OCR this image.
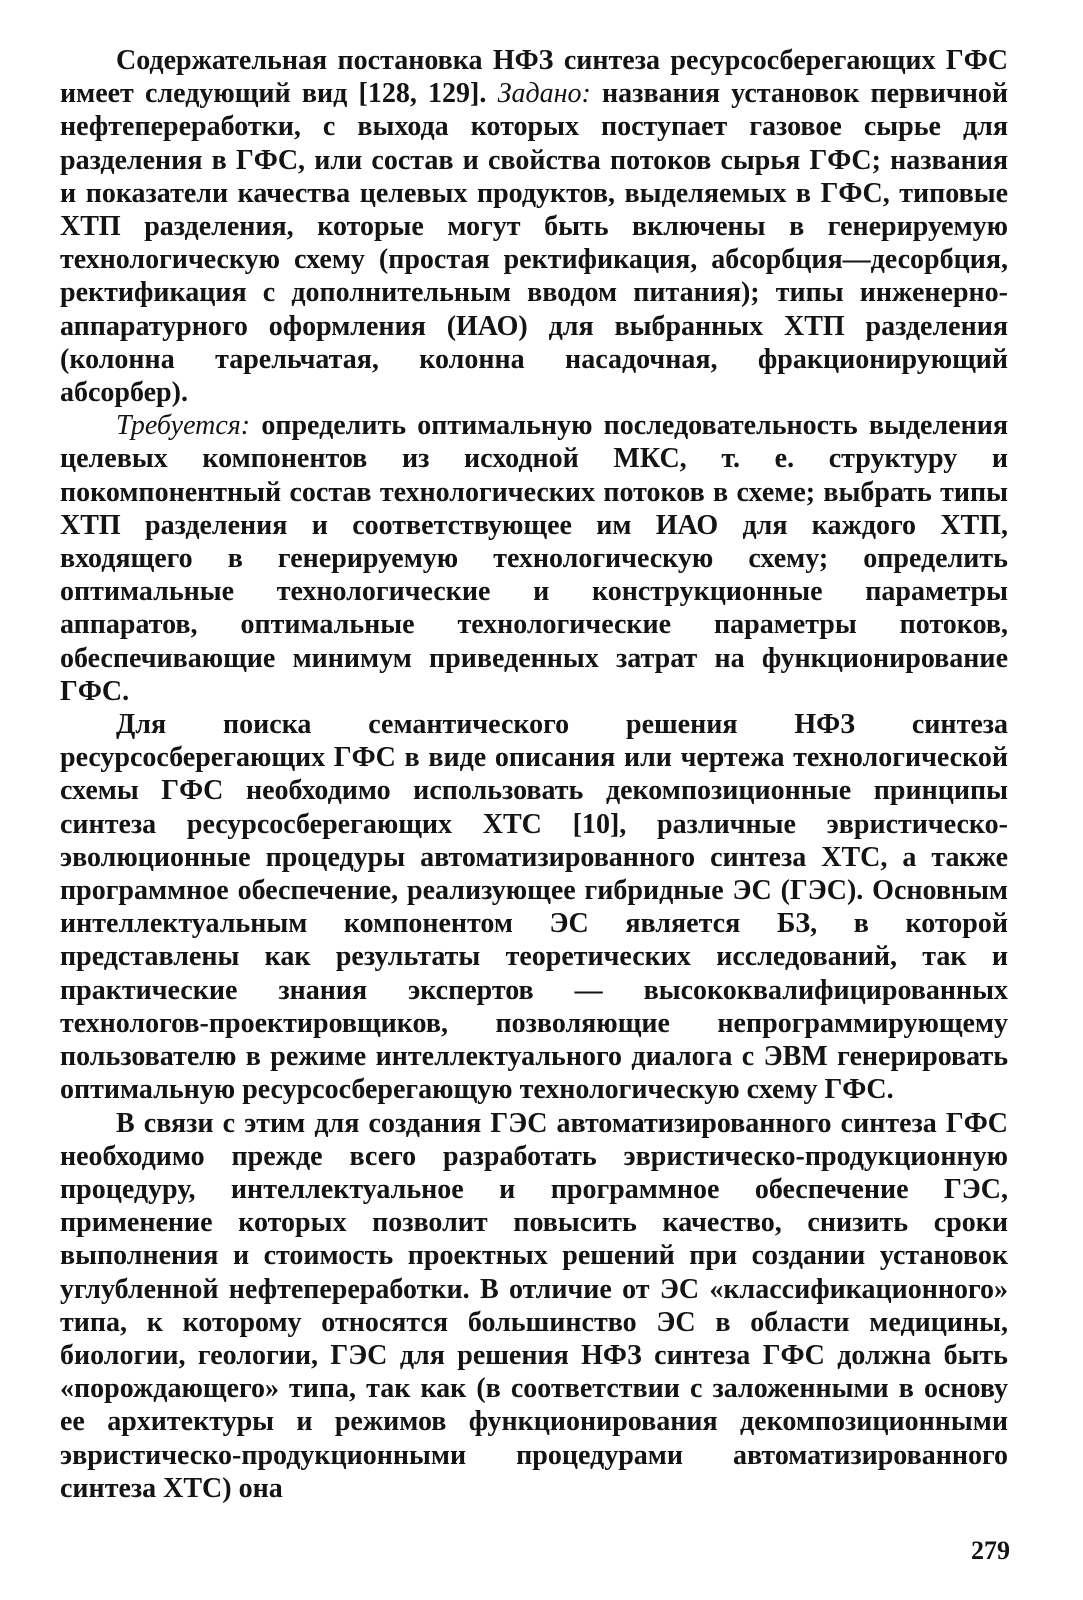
Содержательная постановка НФЗ синтеза ресурсосберегающих ГФС имеет следующий вид [128, 129]. Задано: названия установок первичной нефтепереработки, с выхода которых поступает газовое сырье для разделения в ГФС, или состав и свойства потоков сырья ГФС; названия и показатели качества целевых продуктов, выделяемых в ГФС, типовые ХТП разделения, которые могут быть включены в генерируемую технологическую схему (простая ректификация, абсорбция—десорбция, ректификация с дополнительным вводом питания); типы инженерно-аппаратурного оформления (ИАО) для выбранных ХТП разделения (колонна тарельчатая, колонна насадочная, фракционирующий абсорбер).

Требуется: определить оптимальную последовательность выделения целевых компонентов из исходной МКС, т. е. структуру и покомпонентный состав технологических потоков в схеме; выбрать типы ХТП разделения и соответствующее им ИАО для каждого ХТП, входящего в генерируемую технологическую схему; определить оптимальные технологические и конструкционные параметры аппаратов, оптимальные технологические параметры потоков, обеспечивающие минимум приведенных затрат на функционирование ГФС.

Для поиска семантического решения НФЗ синтеза ресурсосберегающих ГФС в виде описания или чертежа технологической схемы ГФС необходимо использовать декомпозиционные принципы синтеза ресурсосберегающих ХТС [10], различные эвристическо-эволюционные процедуры автоматизированного синтеза ХТС, а также программное обеспечение, реализующее гибридные ЭС (ГЭС). Основным интеллектуальным компонентом ЭС является БЗ, в которой представлены как результаты теоретических исследований, так и практические знания экспертов — высококвалифицированных технологов-проектировщиков, позволяющие непрограммирующему пользователю в режиме интеллектуального диалога с ЭВМ генерировать оптимальную ресурсосберегающую технологическую схему ГФС.

В связи с этим для создания ГЭС автоматизированного синтеза ГФС необходимо прежде всего разработать эвристическо-продукционную процедуру, интеллектуальное и программное обеспечение ГЭС, применение которых позволит повысить качество, снизить сроки выполнения и стоимость проектных решений при создании установок углубленной нефтепереработки. В отличие от ЭС «классификационного» типа, к которому относятся большинство ЭС в области медицины, биологии, геологии, ГЭС для решения НФЗ синтеза ГФС должна быть «порождающего» типа, так как (в соответствии с заложенными в основу ее архитектуры и режимов функционирования декомпозиционными эвристическо-продукционными процедурами автоматизированного синтеза ХТС) она

279
